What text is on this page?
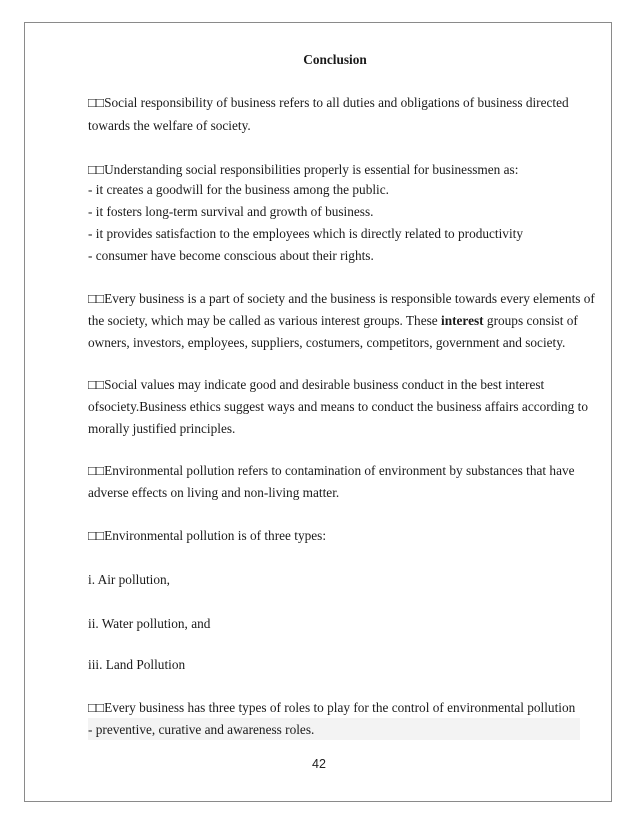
Conclusion
□□Social responsibility of business refers to all duties and obligations of business directed
towards the welfare of society.
□□Understanding social responsibilities properly is essential for businessmen as:
- it creates a goodwill for the business among the public.
- it fosters long-term survival and growth of business.
- it provides satisfaction to the employees which is directly related to productivity
- consumer have become conscious about their rights.
□□Every business is a part of society and the business is responsible towards every elements of
the society, which may be called as various interest groups. These interest groups consist of
owners, investors, employees, suppliers, costumers, competitors, government and society.
□□Social values may indicate good and desirable business conduct in the best interest
ofsociety.Business ethics suggest ways and means to conduct the business affairs according to
morally justified principles.
□□Environmental pollution refers to contamination of environment by substances that have
adverse effects on living and non-living matter.
□□Environmental pollution is of three types:
i. Air pollution,
ii. Water pollution, and
iii. Land Pollution
□□Every business has three types of roles to play for the control of environmental pollution
- preventive, curative and awareness roles.
42
